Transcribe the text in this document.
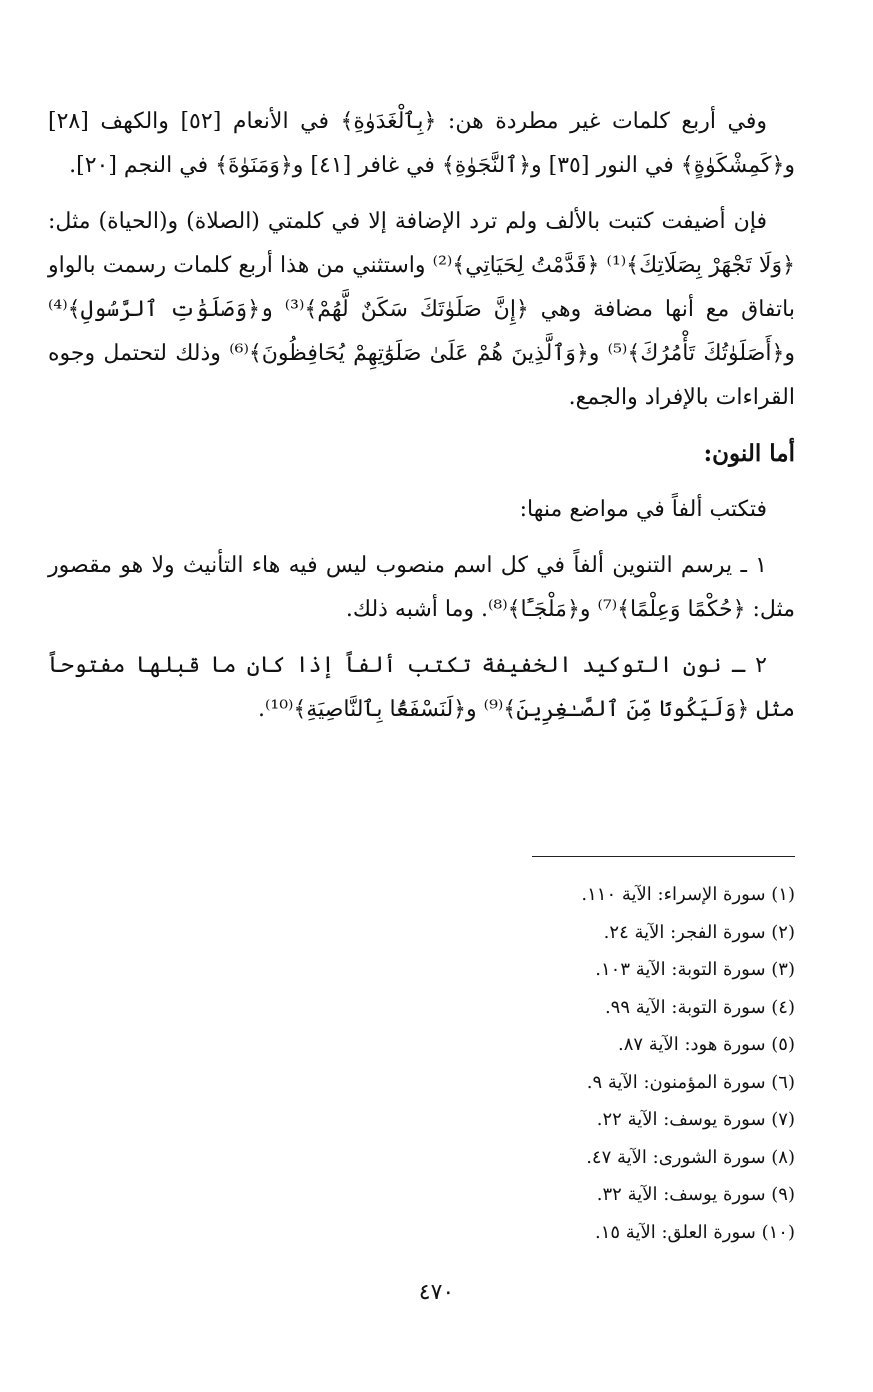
وفي أربع كلمات غير مطردة هن: ﴿بِٱلْغَدَوٰةِ﴾ في الأنعام [٥٢] والكهف [٢٨] و﴿كَمِشْكَوٰةٍ﴾ في النور [٣٥] و﴿ٱلنَّجَوٰةِ﴾ في غافر [٤١] و﴿وَمَنَوٰةَ﴾ في النجم [٢٠].

فإن أضيفت كتبت بالألف ولم ترد الإضافة إلا في كلمتي (الصلاة) و(الحياة) مثل: ﴿وَلَا تَجْهَرْ بِصَلَاتِكَ﴾⁽¹⁾ ﴿قَدَّمْتُ لِحَيَاتِي﴾⁽²⁾ واستثني من هذا أربع كلمات رسمت بالواو باتفاق مع أنها مضافة وهي ﴿إِنَّ صَلَوٰتَكَ سَكَنٌ لَّهُمْ﴾⁽³⁾ و﴿وَصَلَوَٰتِ ٱلرَّسُولِ﴾⁽⁴⁾ و﴿أَصَلَوٰتُكَ تَأْمُرُكَ﴾⁽⁵⁾ و﴿وَٱلَّذِينَ هُمْ عَلَىٰ صَلَوَٰتِهِمْ يُحَافِظُونَ﴾⁽⁶⁾ وذلك لتحتمل وجوه القراءات بالإفراد والجمع.

أما النون:

فتكتب ألفاً في مواضع منها:

١ ـ يرسم التنوين ألفاً في كل اسم منصوب ليس فيه هاء التأنيث ولا هو مقصور مثل: ﴿حُكْمًا وَعِلْمًا﴾⁽⁷⁾ و﴿مَلْجَـًٔا﴾⁽⁸⁾. وما أشبه ذلك.

٢ ـ نون التوكيد الخفيفة تكتب ألفاً إذا كان ما قبلها مفتوحاً مثل ﴿وَلَيَكُونًا مِّنَ ٱلصَّـٰغِرِينَ﴾⁽⁹⁾ و﴿لَنَسْفَعًۢا بِٱلنَّاصِيَةِ﴾⁽¹⁰⁾.

(١) سورة الإسراء: الآية ١١٠.
(٢) سورة الفجر: الآية ٢٤.
(٣) سورة التوبة: الآية ١٠٣.
(٤) سورة التوبة: الآية ٩٩.
(٥) سورة هود: الآية ٨٧.
(٦) سورة المؤمنون: الآية ٩.
(٧) سورة يوسف: الآية ٢٢.
(٨) سورة الشورى: الآية ٤٧.
(٩) سورة يوسف: الآية ٣٢.
(١٠) سورة العلق: الآية ١٥.
٤٧٠
